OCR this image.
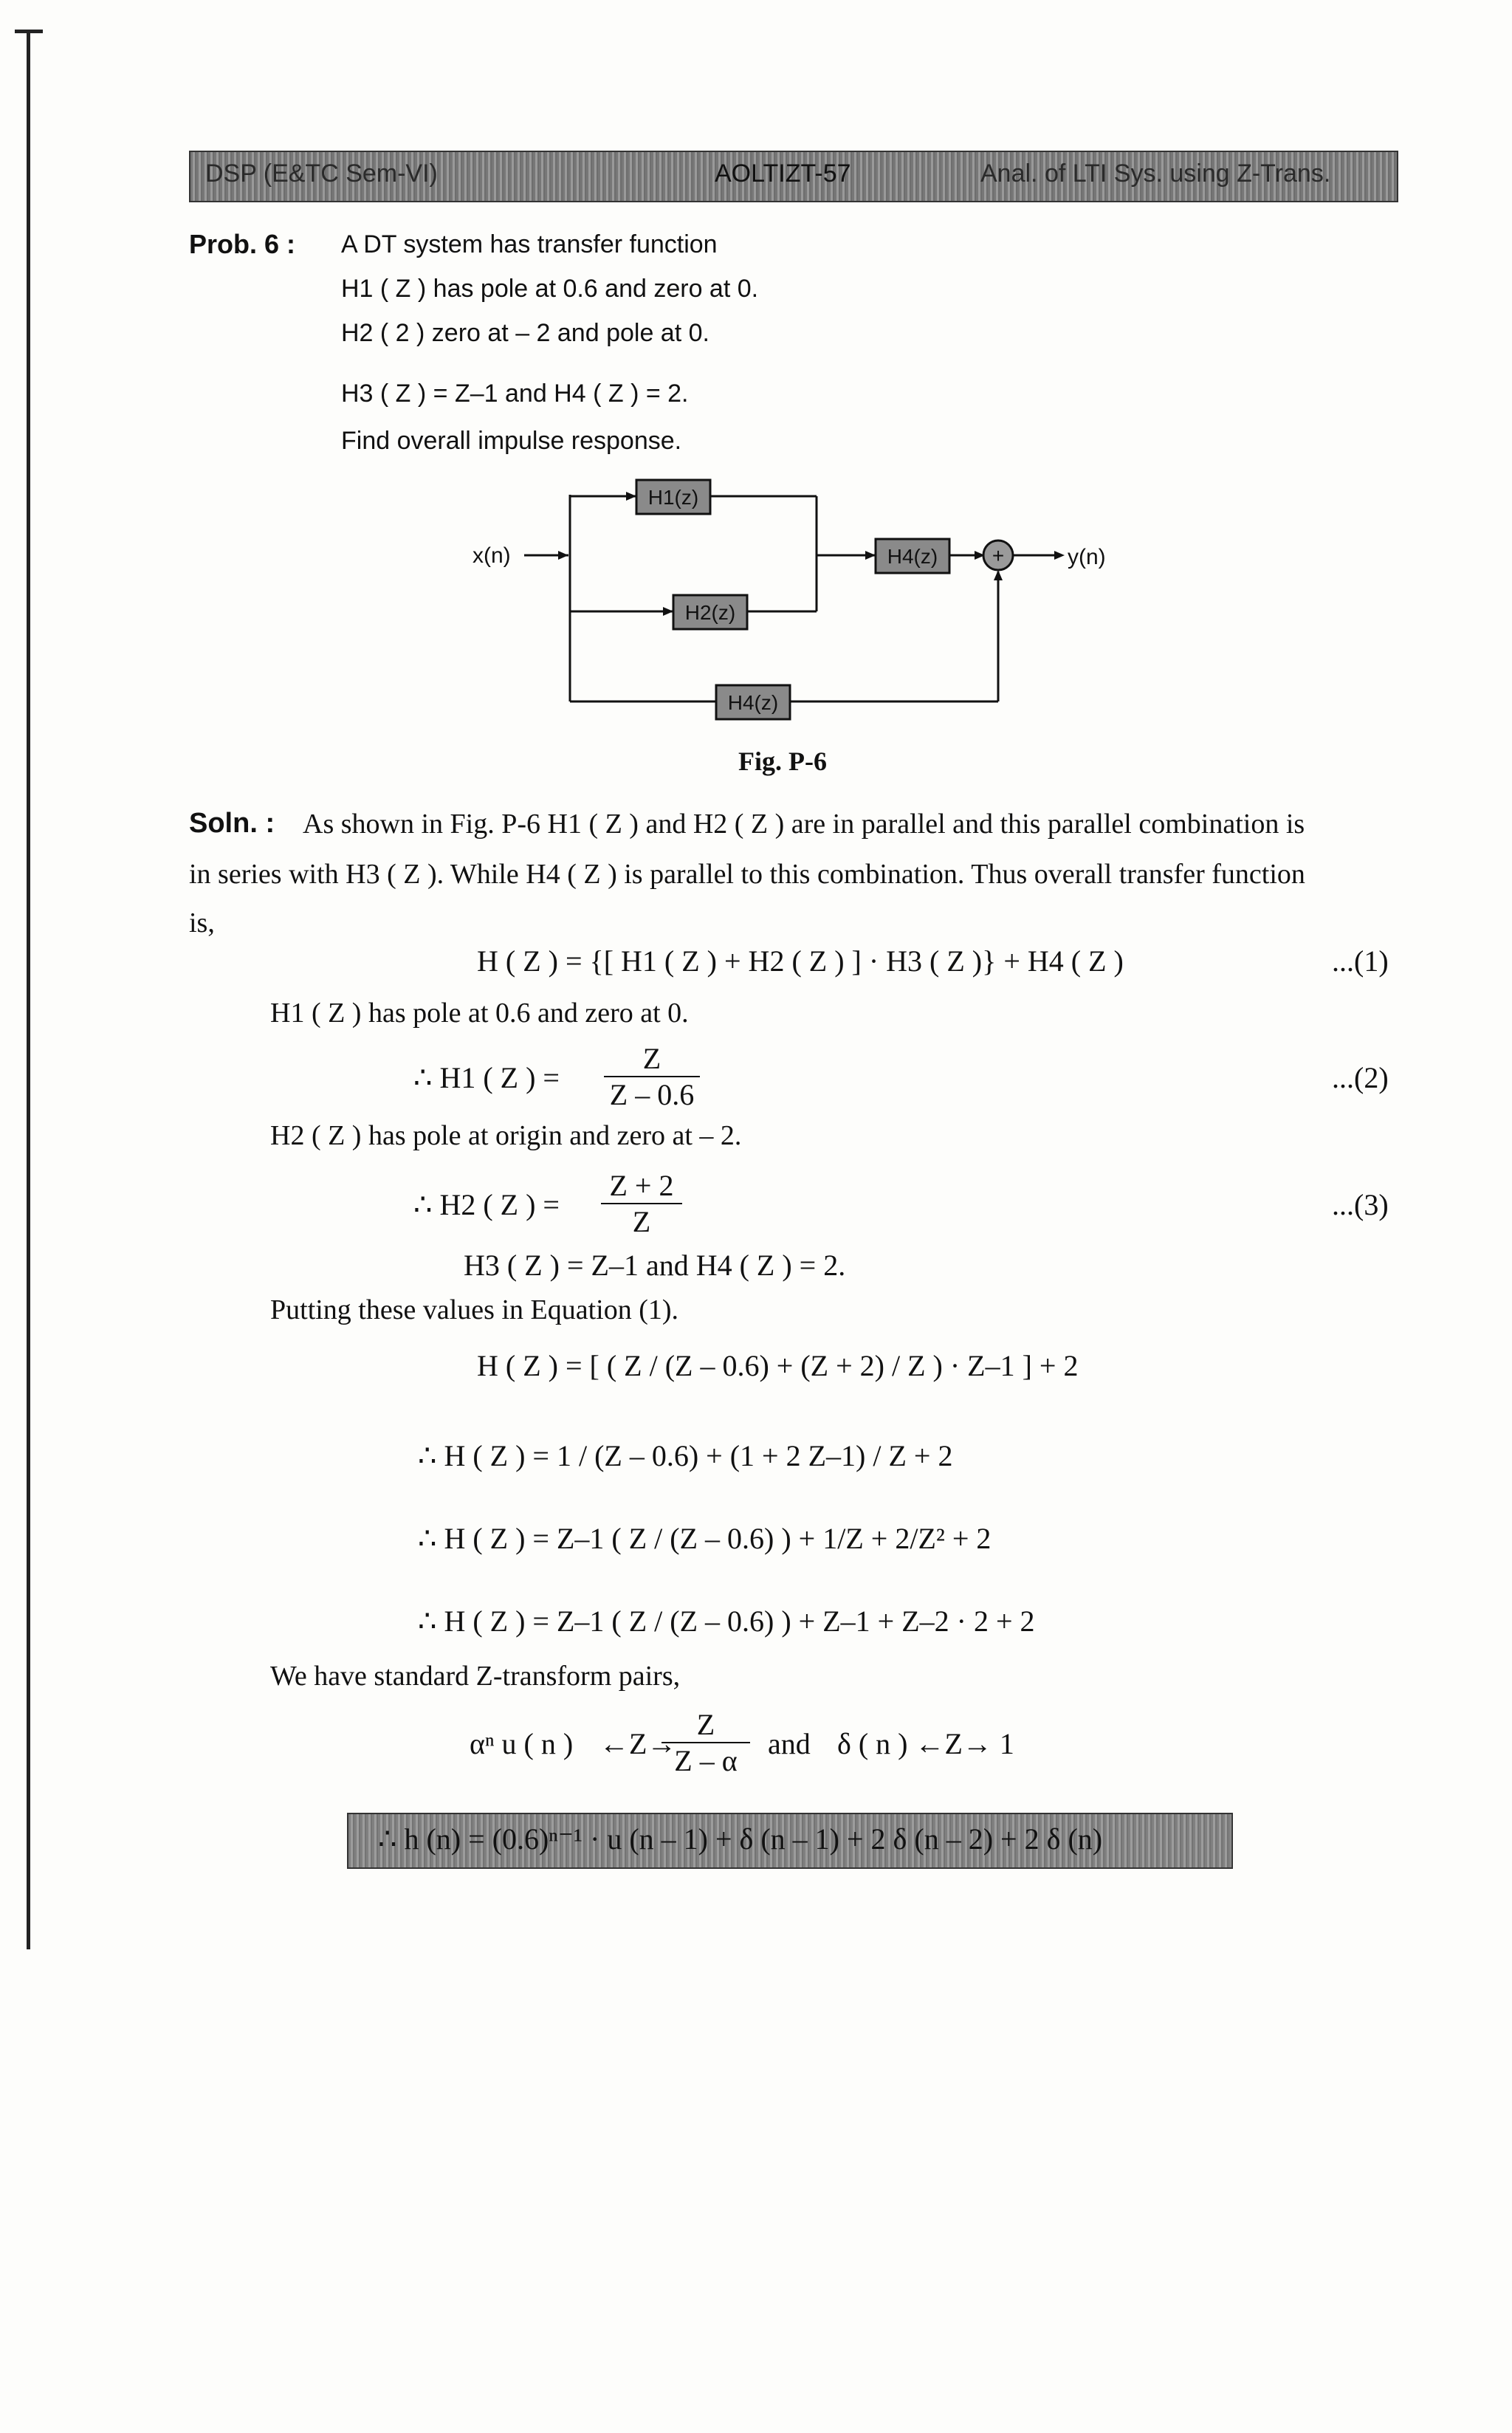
DSP (E&TC Sem-VI)	AOLTIZT-57	Anal. of LTI Sys. using Z-Trans.
Prob. 6 : A DT system has transfer function
H1 ( Z ) has pole at 0.6 and zero at 0.
H2 ( 2 ) zero at – 2 and pole at 0.
H3 ( Z ) = Z–1 and H4 ( Z ) = 2.
Find overall impulse response.
H1(z)
H2(z)
H4(z)
H4(z)
+
x(n)	y(n)
Fig. P-6
Soln. : As shown in Fig. P-6 H1 ( Z ) and H2 ( Z ) are in parallel and this parallel combination is
in series with H3 ( Z ). While H4 ( Z ) is parallel to this combination. Thus overall transfer function
is,
H ( Z ) = {[ H1 ( Z ) + H2 ( Z ) ] · H3 ( Z )} + H4 ( Z )	...(1)
H1 ( Z ) has pole at 0.6 and zero at 0.
∴ H1 ( Z ) = $\frac{Z}{Z - 0.6}$	...(2)
H2 ( Z ) has pole at origin and zero at – 2.
∴ H2 ( Z ) = $\frac{Z + 2}{Z}$	...(3)
H3 ( Z ) = Z–1 and H4 ( Z ) = 2.
Putting these values in Equation (1).
H ( Z ) = [ ( Z / (Z – 0.6) + (Z + 2) / Z ) · Z–1 ] + 2
∴ H ( Z ) = 1 / (Z – 0.6) + (1 + 2 Z–1) / Z + 2
∴ H ( Z ) = Z–1 ( Z / (Z – 0.6) ) + 1/Z + 2/Z² + 2
∴ H ( Z ) = Z–1 ( Z / (Z – 0.6) ) + Z–1 + Z–2 · 2 + 2
We have standard Z-transform pairs,
αⁿ u ( n ) ←Z→
$\frac{Z}{Z - \alpha}$ and δ ( n ) ←Z→ 1
∴ h (n) = (0.6)ⁿ⁻¹ · u (n – 1) + δ (n – 1) + 2 δ (n – 2) + 2 δ (n)
